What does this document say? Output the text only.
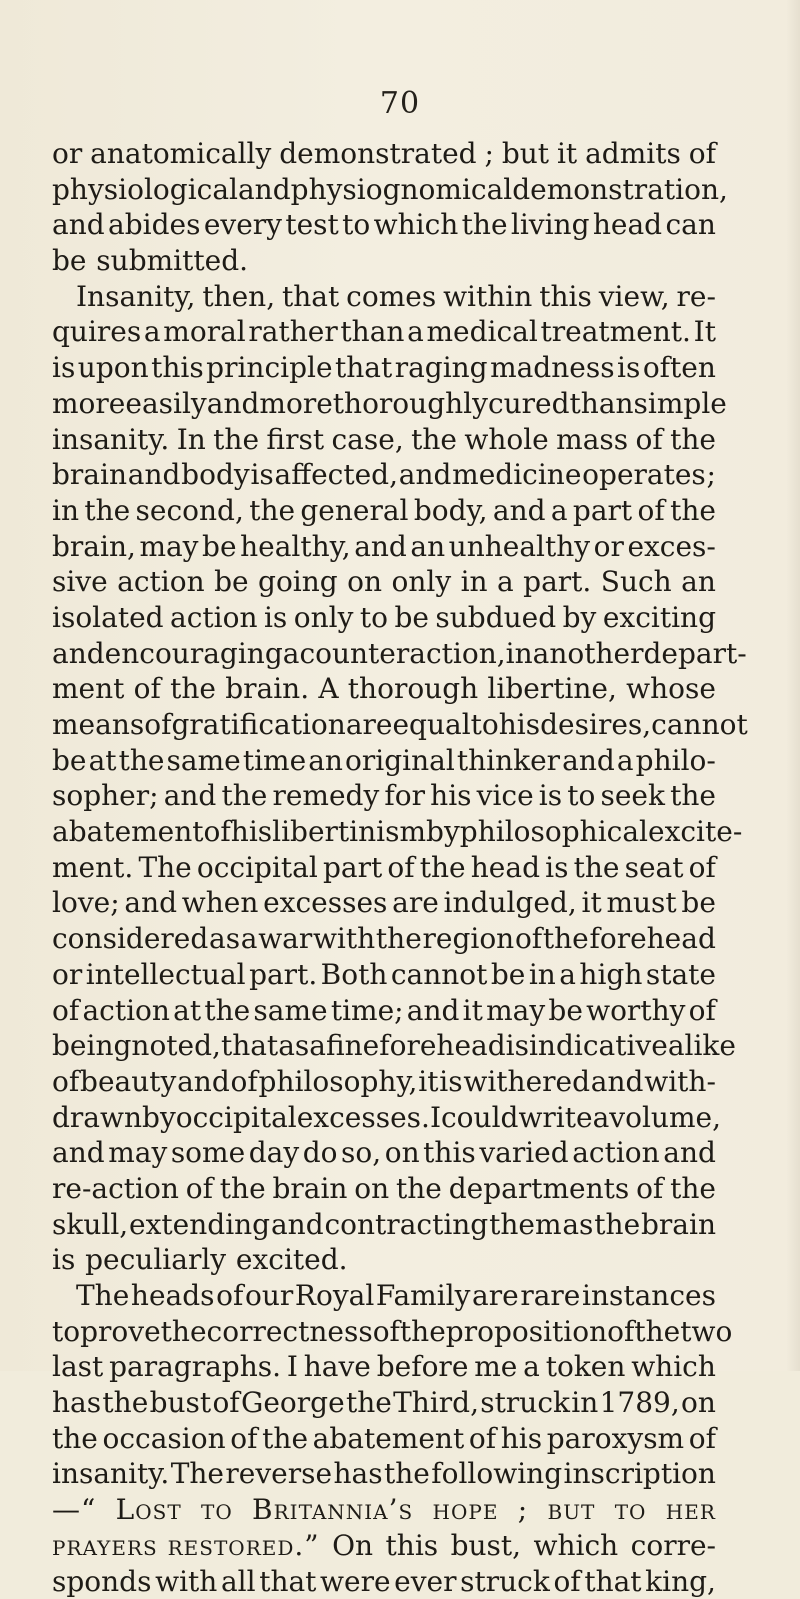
70
or anatomically demonstrated ; but it admits of
physiological and physiognomical demonstration,
and abides every test to which the living head can
be submitted.
Insanity, then, that comes within this view, re-
quires a moral rather than a medical treatment. It
is upon this principle that raging madness is often
more easily and more thoroughly cured than simple
insanity. In the first case, the whole mass of the
brain and body is affected, and medicine operates ;
in the second, the general body, and a part of the
brain, may be healthy, and an unhealthy or exces-
sive action be going on only in a part. Such an
isolated action is only to be subdued by exciting
and encouraging a counter action, in another depart-
ment of the brain. A thorough libertine, whose
means of gratification are equal to his desires, cannot
be at the same time an original thinker and a philo-
sopher; and the remedy for his vice is to seek the
abatement of his libertinism by philosophical excite-
ment. The occipital part of the head is the seat of
love; and when excesses are indulged, it must be
considered as a war with the region of the forehead
or intellectual part. Both cannot be in a high state
of action at the same time; and it may be worthy of
being noted, that as a fine forehead is indicative alike
of beauty and of philosophy, it is withered and with-
drawn by occipital excesses. I could write a volume,
and may some day do so, on this varied action and
re-action of the brain on the departments of the
skull, extending and contracting them as the brain
is peculiarly excited.
The heads of our Royal Family are rare instances
to prove the correctness of the proposition of the two
last paragraphs. I have before me a token which
has the bust of George the Third, struck in 1789, on
the occasion of the abatement of his paroxysm of
insanity. The reverse has the following inscription
—“ Lost to Britannia’s hope ; but to her
prayers restored.” On this bust, which corre-
sponds with all that were ever struck of that king,
